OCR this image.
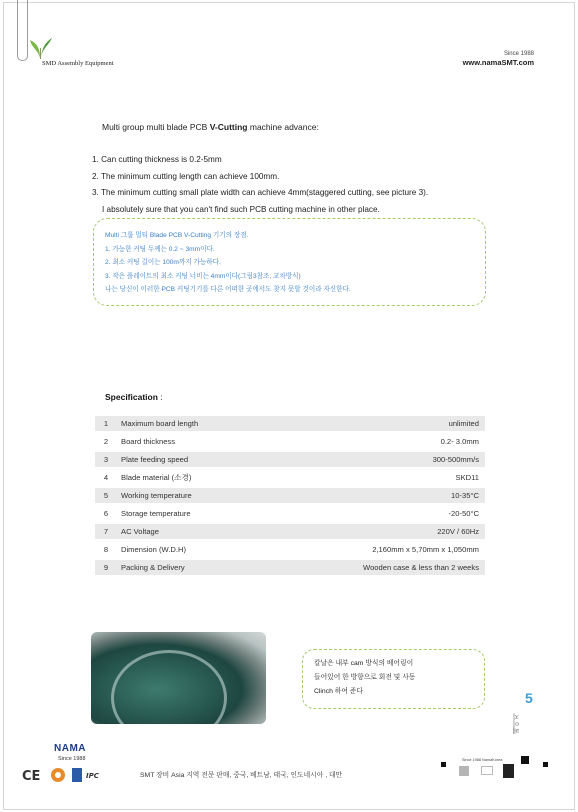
SMD Assembly Equipment
Since 1988
www.namaSMT.com
Multi group multi blade PCB V-Cutting machine advance:
1. Can cutting thickness is 0.2-5mm
2. The minimum cutting length can achieve 100mm.
3. The minimum cutting small plate width can achieve 4mm(staggered cutting, see picture 3).
I absolutely sure that you can't find such PCB cutting machine in other place.
Multi 그룹 멀티 Blade PCB V-Cutting 기기의 장점.
1. 가능한 커팅 두께는 0.2 ~ 3mm이다.
2. 최소 커팅 길이는 100m까지 가능하다.
3. 작은 플레이트의 최소 커팅 너비는 4mm이다(그림3참조, 교차방식)
나는 당신이 이러한 PCB 커팅기기를 다른 어떠한 곳에서도 찾지 못할 것이라 자신한다.
Specification :
1	Maximum board length		unlimited
2	Board thickness		0.2- 3.0mm
3	Plate feeding speed		300-500mm/s
4	Blade material (소경)		SKD11
5	Working temperature		10-35°C
6	Storage temperature		-20-50°C
7	AC Voltage		220V / 60Hz
8	Dimension (W.D.H)		2,160mm x 5,70mm x 1,050mm
9	Packing & Delivery		Wooden case & less than 2 weeks
칼날은 내부 cam 방식의 베어링이
들어있어 한 방향으로 회전 및 사동
Clinch 하여 준다	5
페이지
NAMA
Since 1988
CE	IPC	SMT 장비 Asia 지역 전문 판매, 중국, 베트남, 태국, 인도네시아 , 대만
Since 1988 NamaKorea
